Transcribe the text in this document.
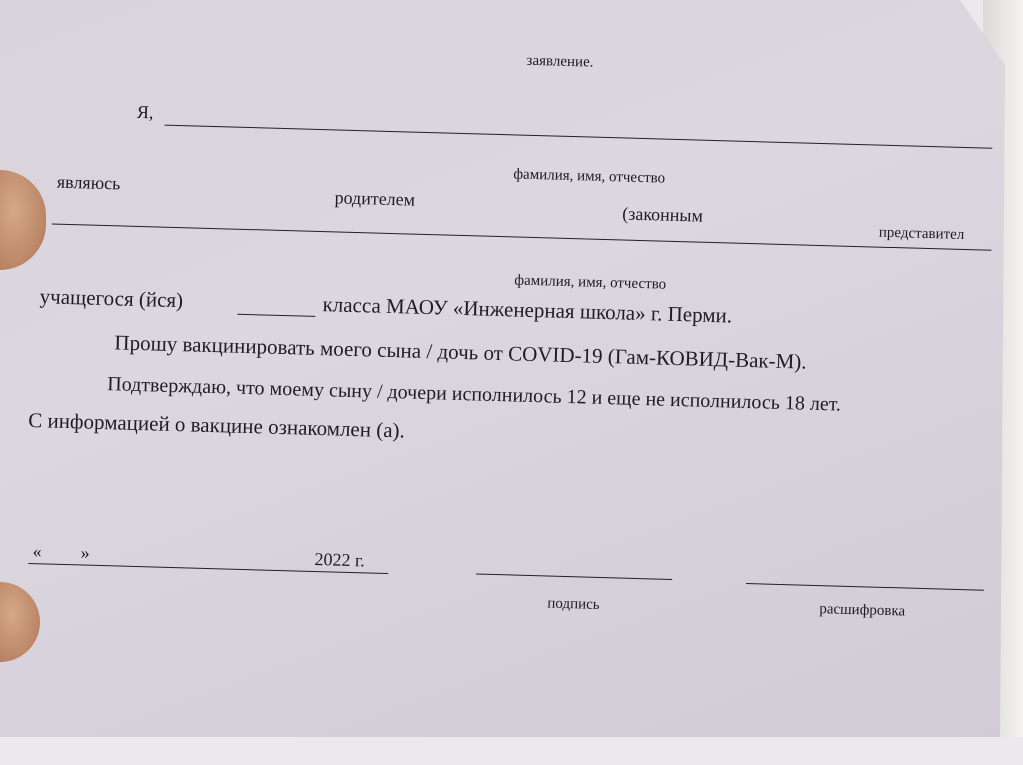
заявление.
Я,
фамилия, имя, отчество
являюсь
родителем
(законным
представител
фамилия, имя, отчество
учащегося (йся)	класса МАОУ «Инженерная школа» г. Перми.
Прошу вакцинировать моего сына / дочь от COVID-19 (Гам-КОВИД-Вак-М).
Подтверждаю, что моему сыну / дочери исполнилось 12 и еще не исполнилось 18 лет.
С информацией о вакцине ознакомлен (а).
« »	2022 г.
подпись	расшифровка
